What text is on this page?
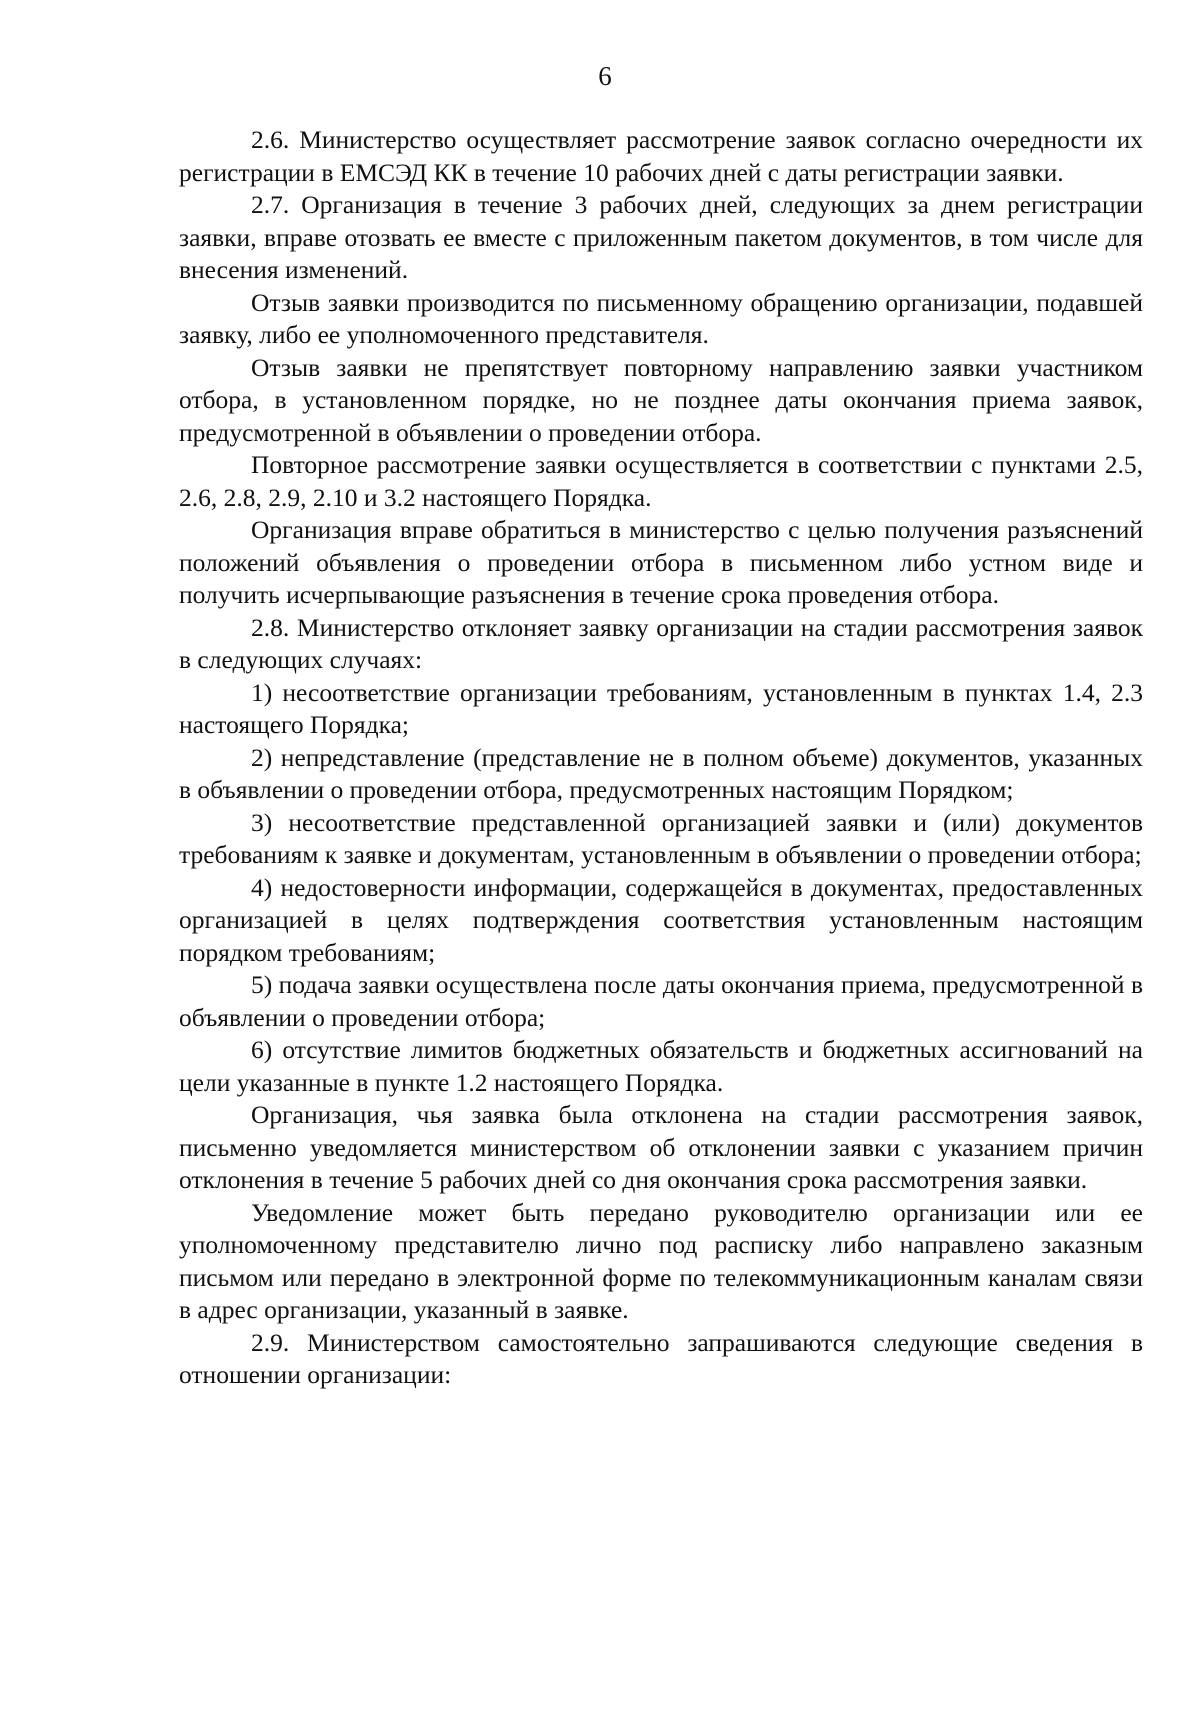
6

2.6. Министерство осуществляет рассмотрение заявок согласно очередности их регистрации в ЕМСЭД КК в течение 10 рабочих дней с даты регистрации заявки.

2.7. Организация в течение 3 рабочих дней, следующих за днем регистрации заявки, вправе отозвать ее вместе с приложенным пакетом документов, в том числе для внесения изменений.

Отзыв заявки производится по письменному обращению организации, подавшей заявку, либо ее уполномоченного представителя.

Отзыв заявки не препятствует повторному направлению заявки участником отбора, в установленном порядке, но не позднее даты окончания приема заявок, предусмотренной в объявлении о проведении отбора.

Повторное рассмотрение заявки осуществляется в соответствии с пунктами 2.5, 2.6, 2.8, 2.9, 2.10 и 3.2 настоящего Порядка.

Организация вправе обратиться в министерство с целью получения разъяснений положений объявления о проведении отбора в письменном либо устном виде и получить исчерпывающие разъяснения в течение срока проведения отбора.

2.8. Министерство отклоняет заявку организации на стадии рассмотрения заявок в следующих случаях:

1) несоответствие организации требованиям, установленным в пунктах 1.4, 2.3 настоящего Порядка;

2) непредставление (представление не в полном объеме) документов, указанных в объявлении о проведении отбора, предусмотренных настоящим Порядком;

3) несоответствие представленной организацией заявки и (или) документов требованиям к заявке и документам, установленным в объявлении о проведении отбора;

4) недостоверности информации, содержащейся в документах, предоставленных организацией в целях подтверждения соответствия установленным настоящим порядком требованиям;

5) подача заявки осуществлена после даты окончания приема, предусмотренной в объявлении о проведении отбора;

6) отсутствие лимитов бюджетных обязательств и бюджетных ассигнований на цели указанные в пункте 1.2 настоящего Порядка.

Организация, чья заявка была отклонена на стадии рассмотрения заявок, письменно уведомляется министерством об отклонении заявки с указанием причин отклонения в течение 5 рабочих дней со дня окончания срока рассмотрения заявки.

Уведомление может быть передано руководителю организации или ее уполномоченному представителю лично под расписку либо направлено заказным письмом или передано в электронной форме по телекоммуникационным каналам связи в адрес организации, указанный в заявке.

2.9. Министерством самостоятельно запрашиваются следующие сведения в отношении организации:
